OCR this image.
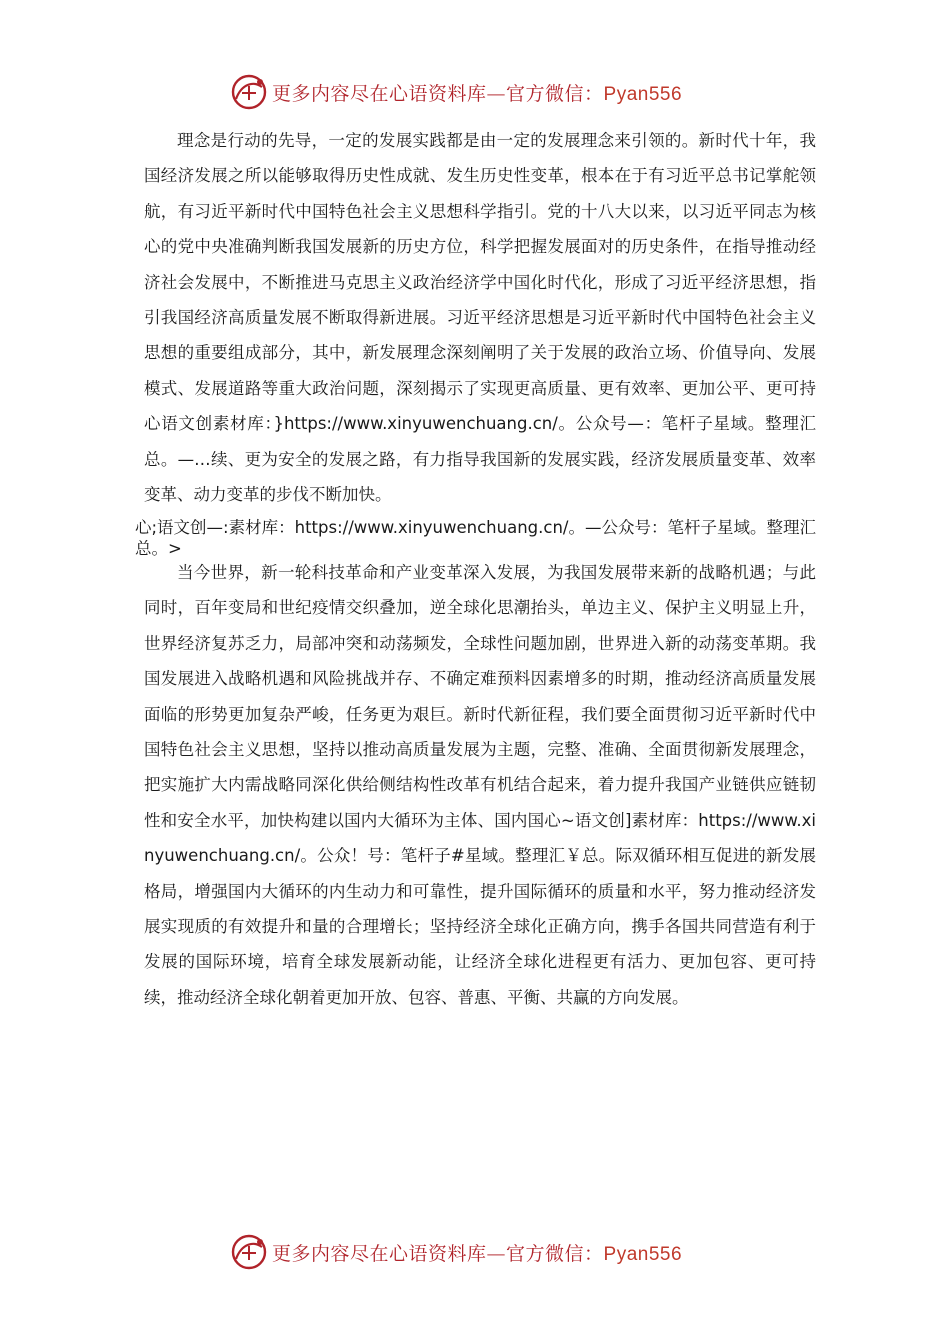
更多内容尽在心语资料库—官方微信：Pyan556

理念是行动的先导，一定的发展实践都是由一定的发展理念来引领的。新时代十年，我国经济发展之所以能够取得历史性成就、发生历史性变革，根本在于有习近平总书记掌舵领航，有习近平新时代中国特色社会主义思想科学指引。党的十八大以来，以习近平同志为核心的党中央准确判断我国发展新的历史方位，科学把握发展面对的历史条件，在指导推动经济社会发展中，不断推进马克思主义政治经济学中国化时代化，形成了习近平经济思想，指引我国经济高质量发展不断取得新进展。习近平经济思想是习近平新时代中国特色社会主义思想的重要组成部分，其中，新发展理念深刻阐明了关于发展的政治立场、价值导向、发展模式、发展道路等重大政治问题，深刻揭示了实现更高质量、更有效率、更加公平、更可持心语文创素材库：}https://www.xinyuwenchuang.cn/。公众号—：笔杆子星域。整理汇总。—…续、更为安全的发展之路，有力指导我国新的发展实践，经济发展质量变革、效率变革、动力变革的步伐不断加快。

心;语文创—:素材库：https://www.xinyuwenchuang.cn/。—公众号：笔杆子星域。整理汇总。>

当今世界，新一轮科技革命和产业变革深入发展，为我国发展带来新的战略机遇；与此同时，百年变局和世纪疫情交织叠加，逆全球化思潮抬头，单边主义、保护主义明显上升，世界经济复苏乏力，局部冲突和动荡频发，全球性问题加剧，世界进入新的动荡变革期。我国发展进入战略机遇和风险挑战并存、不确定难预料因素增多的时期，推动经济高质量发展面临的形势更加复杂严峻，任务更为艰巨。新时代新征程，我们要全面贯彻习近平新时代中国特色社会主义思想，坚持以推动高质量发展为主题，完整、准确、全面贯彻新发展理念，把实施扩大内需战略同深化供给侧结构性改革有机结合起来，着力提升我国产业链供应链韧性和安全水平，加快构建以国内大循环为主体、国内国心~语文创]素材库：https://www.xinyuwenchuang.cn/。公众！号：笔杆子#星域。整理汇￥总。际双循环相互促进的新发展格局，增强国内大循环的内生动力和可靠性，提升国际循环的质量和水平，努力推动经济发展实现质的有效提升和量的合理增长；坚持经济全球化正确方向，携手各国共同营造有利于发展的国际环境，培育全球发展新动能，让经济全球化进程更有活力、更加包容、更可持续，推动经济全球化朝着更加开放、包容、普惠、平衡、共赢的方向发展。

更多内容尽在心语资料库—官方微信：Pyan556
